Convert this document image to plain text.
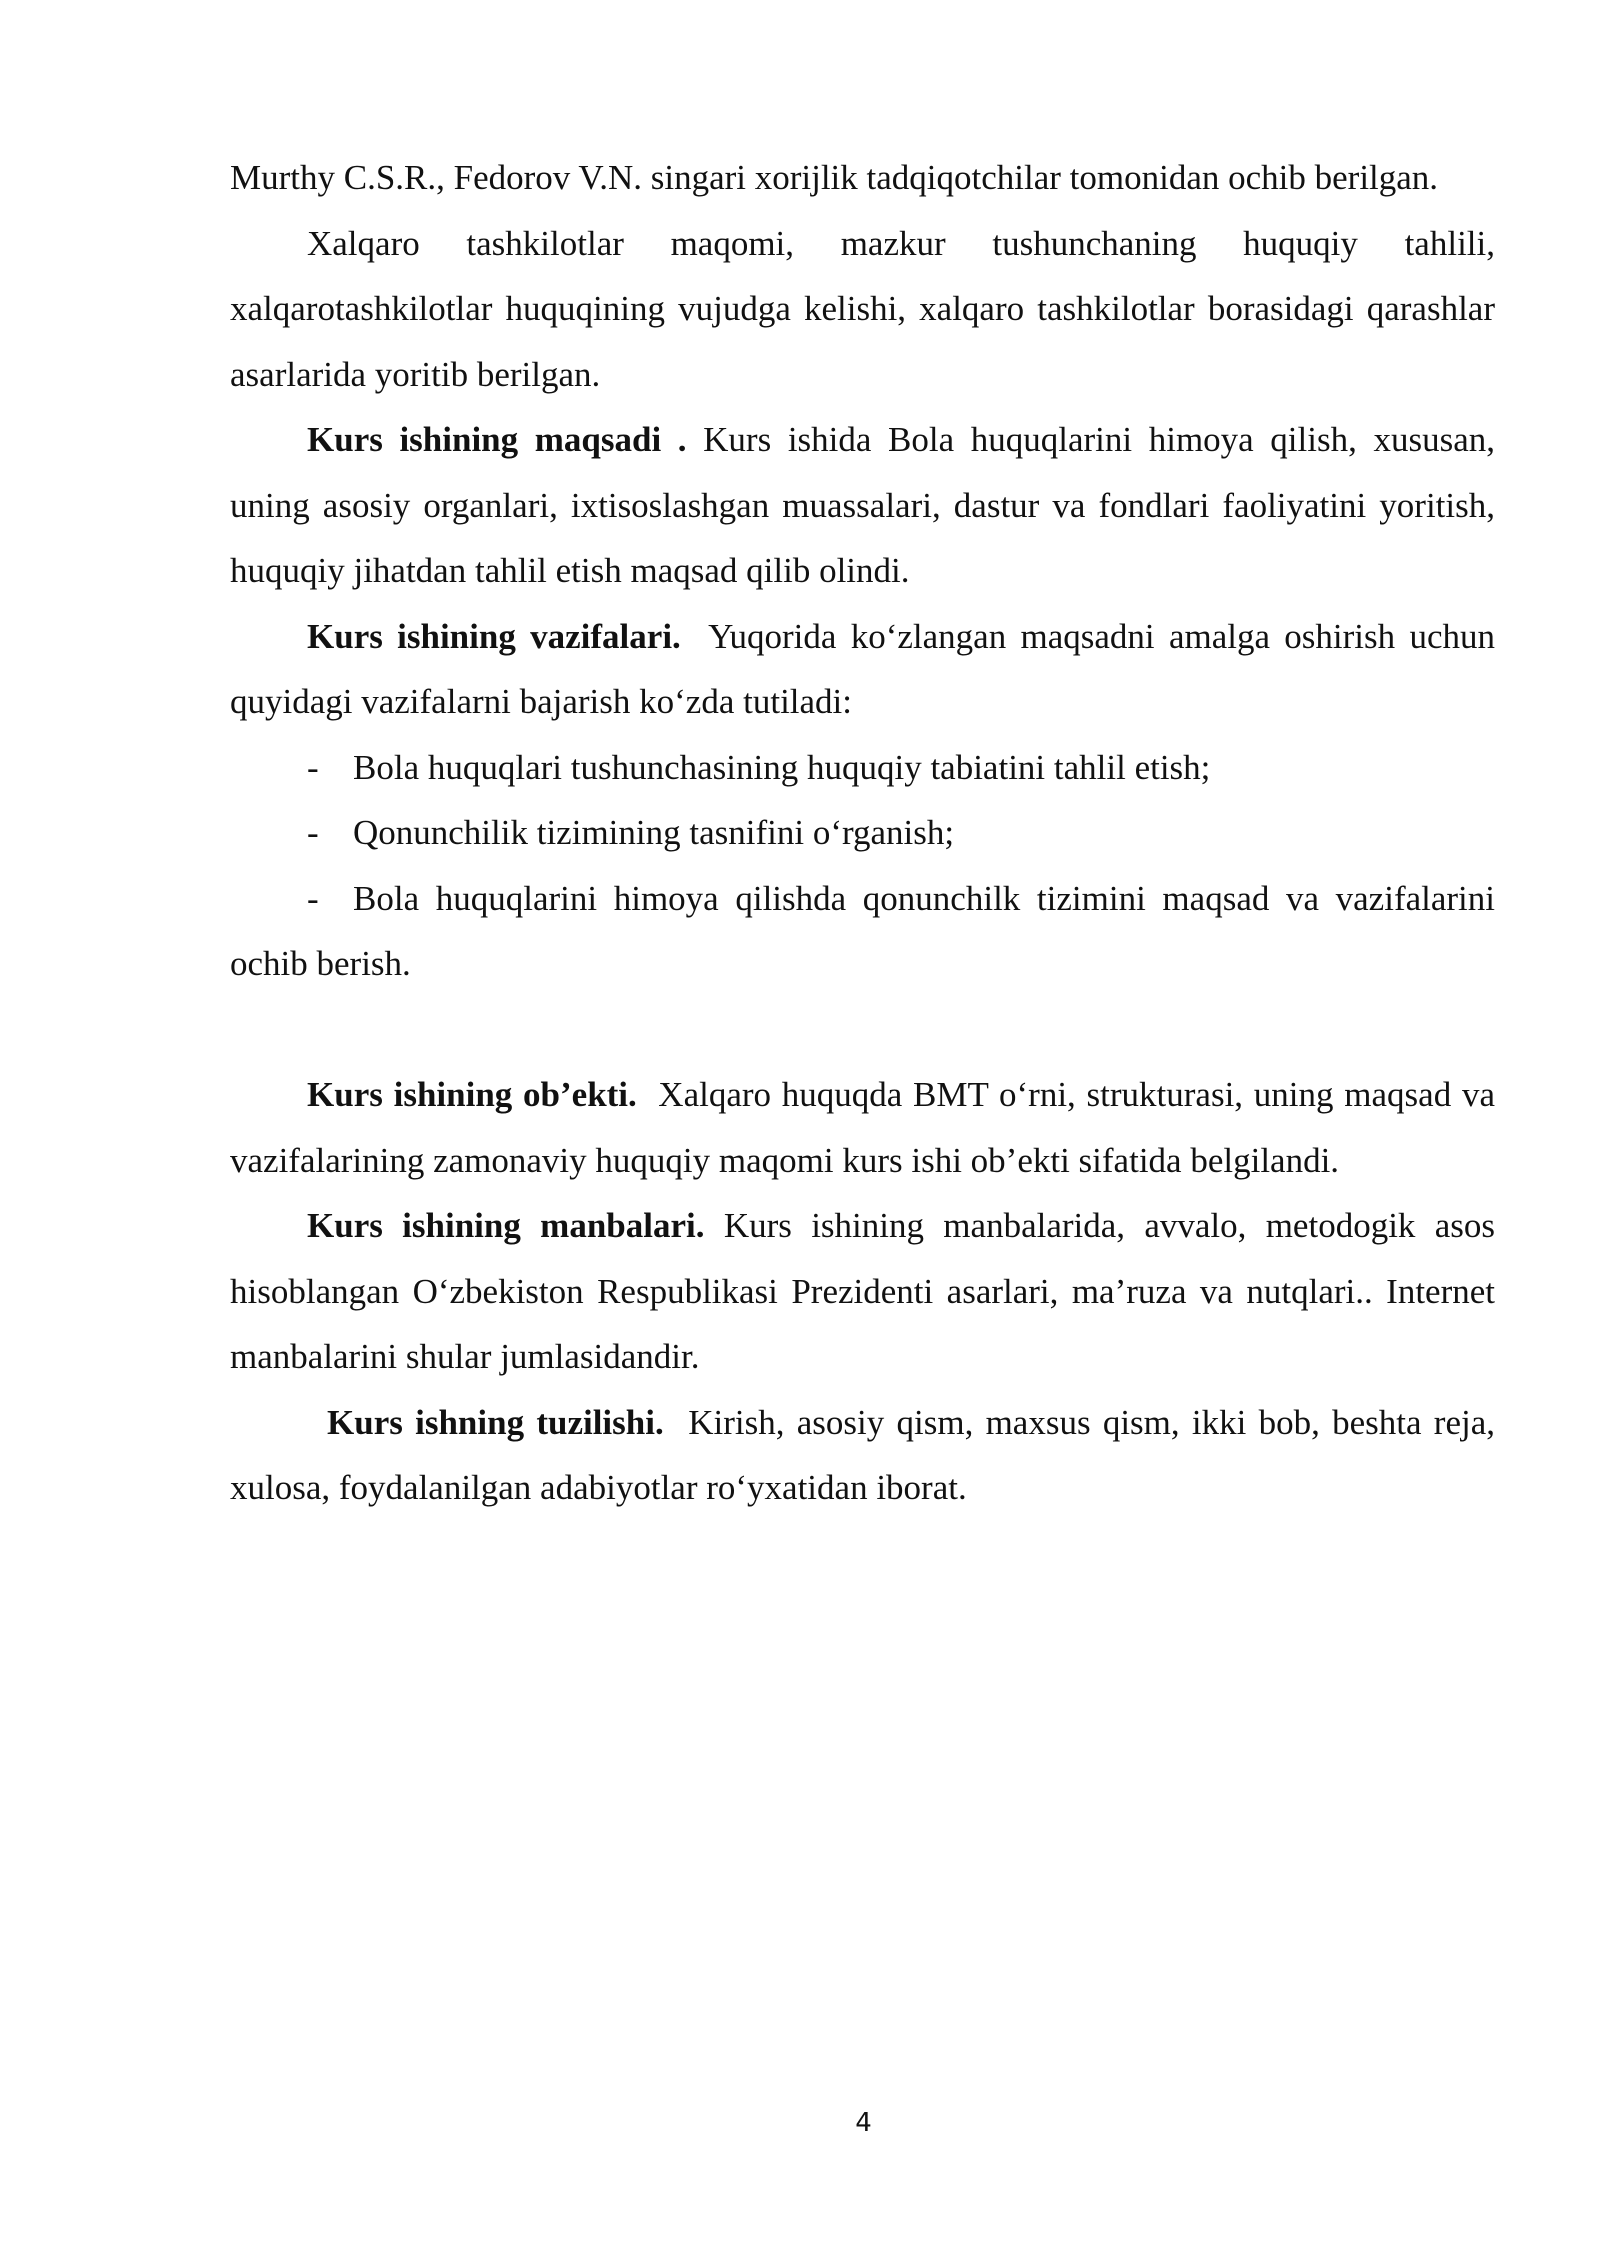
Murthy C.S.R., Fedorov V.N. singari xorijlik tadqiqotchilar tomonidan ochib berilgan.

Xalqaro tashkilotlar maqomi, mazkur tushunchaning huquqiy tahlili, xalqarotashkilotlar huquqining vujudga kelishi, xalqaro tashkilotlar borasidagi qarashlar asarlarida yoritib berilgan.

Kurs ishining maqsadi . Kurs ishida Bola huquqlarini himoya qilish, xususan, uning asosiy organlari, ixtisoslashgan muassalari, dastur va fondlari faoliyatini yoritish, huquqiy jihatdan tahlil etish maqsad qilib olindi.

Kurs ishining vazifalari. Yuqorida ko‘zlangan maqsadni amalga oshirish uchun quyidagi vazifalarni bajarish ko‘zda tutiladi:

- Bola huquqlari tushunchasining huquqiy tabiatini tahlil etish;

- Qonunchilik tizimining tasnifini o‘rganish;

- Bola huquqlarini himoya qilishda qonunchilk tizimini maqsad va vazifalarini ochib berish.

Kurs ishining ob’ekti. Xalqaro huquqda BMT o‘rni, strukturasi, uning maqsad va vazifalarining zamonaviy huquqiy maqomi kurs ishi ob’ekti sifatida belgilandi.

Kurs ishining manbalari. Kurs ishining manbalarida, avvalo, metodogik asos hisoblangan O‘zbekiston Respublikasi Prezidenti asarlari, ma’ruza va nutqlari.. Internet manbalarini shular jumlasidandir.

Kurs ishning tuzilishi. Kirish, asosiy qism, maxsus qism, ikki bob, beshta reja, xulosa, foydalanilgan adabiyotlar ro‘yxatidan iborat.

4
